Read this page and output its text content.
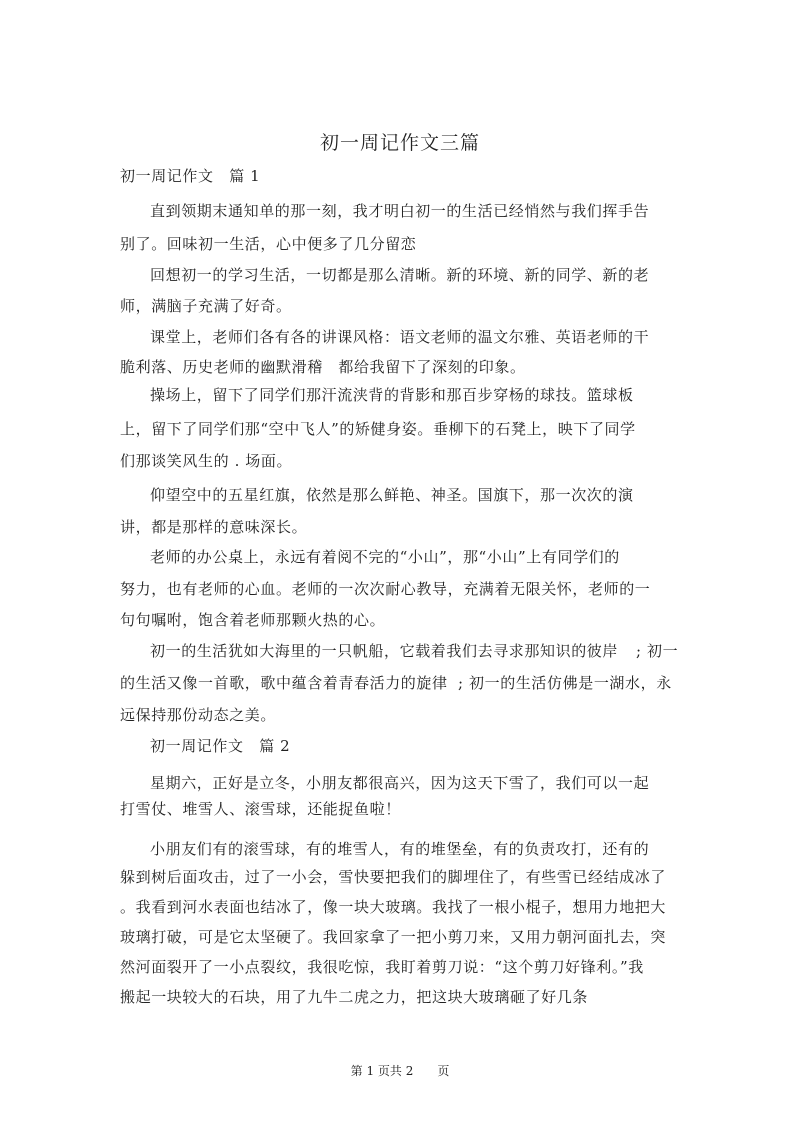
初一周记作文三篇
初一周记作文　篇 1
直到领期末通知单的那一刻，我才明白初一的生活已经悄然与我们挥手告
别了。回味初一生活，心中便多了几分留恋
回想初一的学习生活，一切都是那么清晰。新的环境、新的同学、新的老
师，满脑子充满了好奇。
课堂上，老师们各有各的讲课风格：语文老师的温文尔雅、英语老师的干
脆利落、历史老师的幽默滑稽　都给我留下了深刻的印象。
操场上，留下了同学们那汗流浃背的背影和那百步穿杨的球技。篮球板
上，留下了同学们那“空中飞人”的矫健身姿。垂柳下的石凳上，映下了同学
们那谈笑风生的 . 场面。
仰望空中的五星红旗，依然是那么鲜艳、神圣。国旗下，那一次次的演
讲，都是那样的意味深长。
老师的办公桌上，永远有着阅不完的“小山”，那“小山”上有同学们的
努力，也有老师的心血。老师的一次次耐心教导，充满着无限关怀，老师的一
句句嘱咐，饱含着老师那颗火热的心。
初一的生活犹如大海里的一只帆船，它载着我们去寻求那知识的彼岸 ; 初一
的生活又像一首歌，歌中蕴含着青春活力的旋律 ; 初一的生活仿佛是一湖水，永
远保持那份动态之美。
初一周记作文　篇 2
星期六，正好是立冬，小朋友都很高兴，因为这天下雪了，我们可以一起
打雪仗、堆雪人、滚雪球，还能捉鱼啦！
小朋友们有的滚雪球，有的堆雪人，有的堆堡垒，有的负责攻打，还有的
躲到树后面攻击，过了一小会，雪快要把我们的脚埋住了，有些雪已经结成冰了
。我看到河水表面也结冰了，像一块大玻璃。我找了一根小棍子，想用力地把大
玻璃打破，可是它太坚硬了。我回家拿了一把小剪刀来，又用力朝河面扎去，突
然河面裂开了一小点裂纹，我很吃惊，我盯着剪刀说：“这个剪刀好锋利。”我
搬起一块较大的石块，用了九牛二虎之力，把这块大玻璃砸了好几条
第 1 页共 2　　页
